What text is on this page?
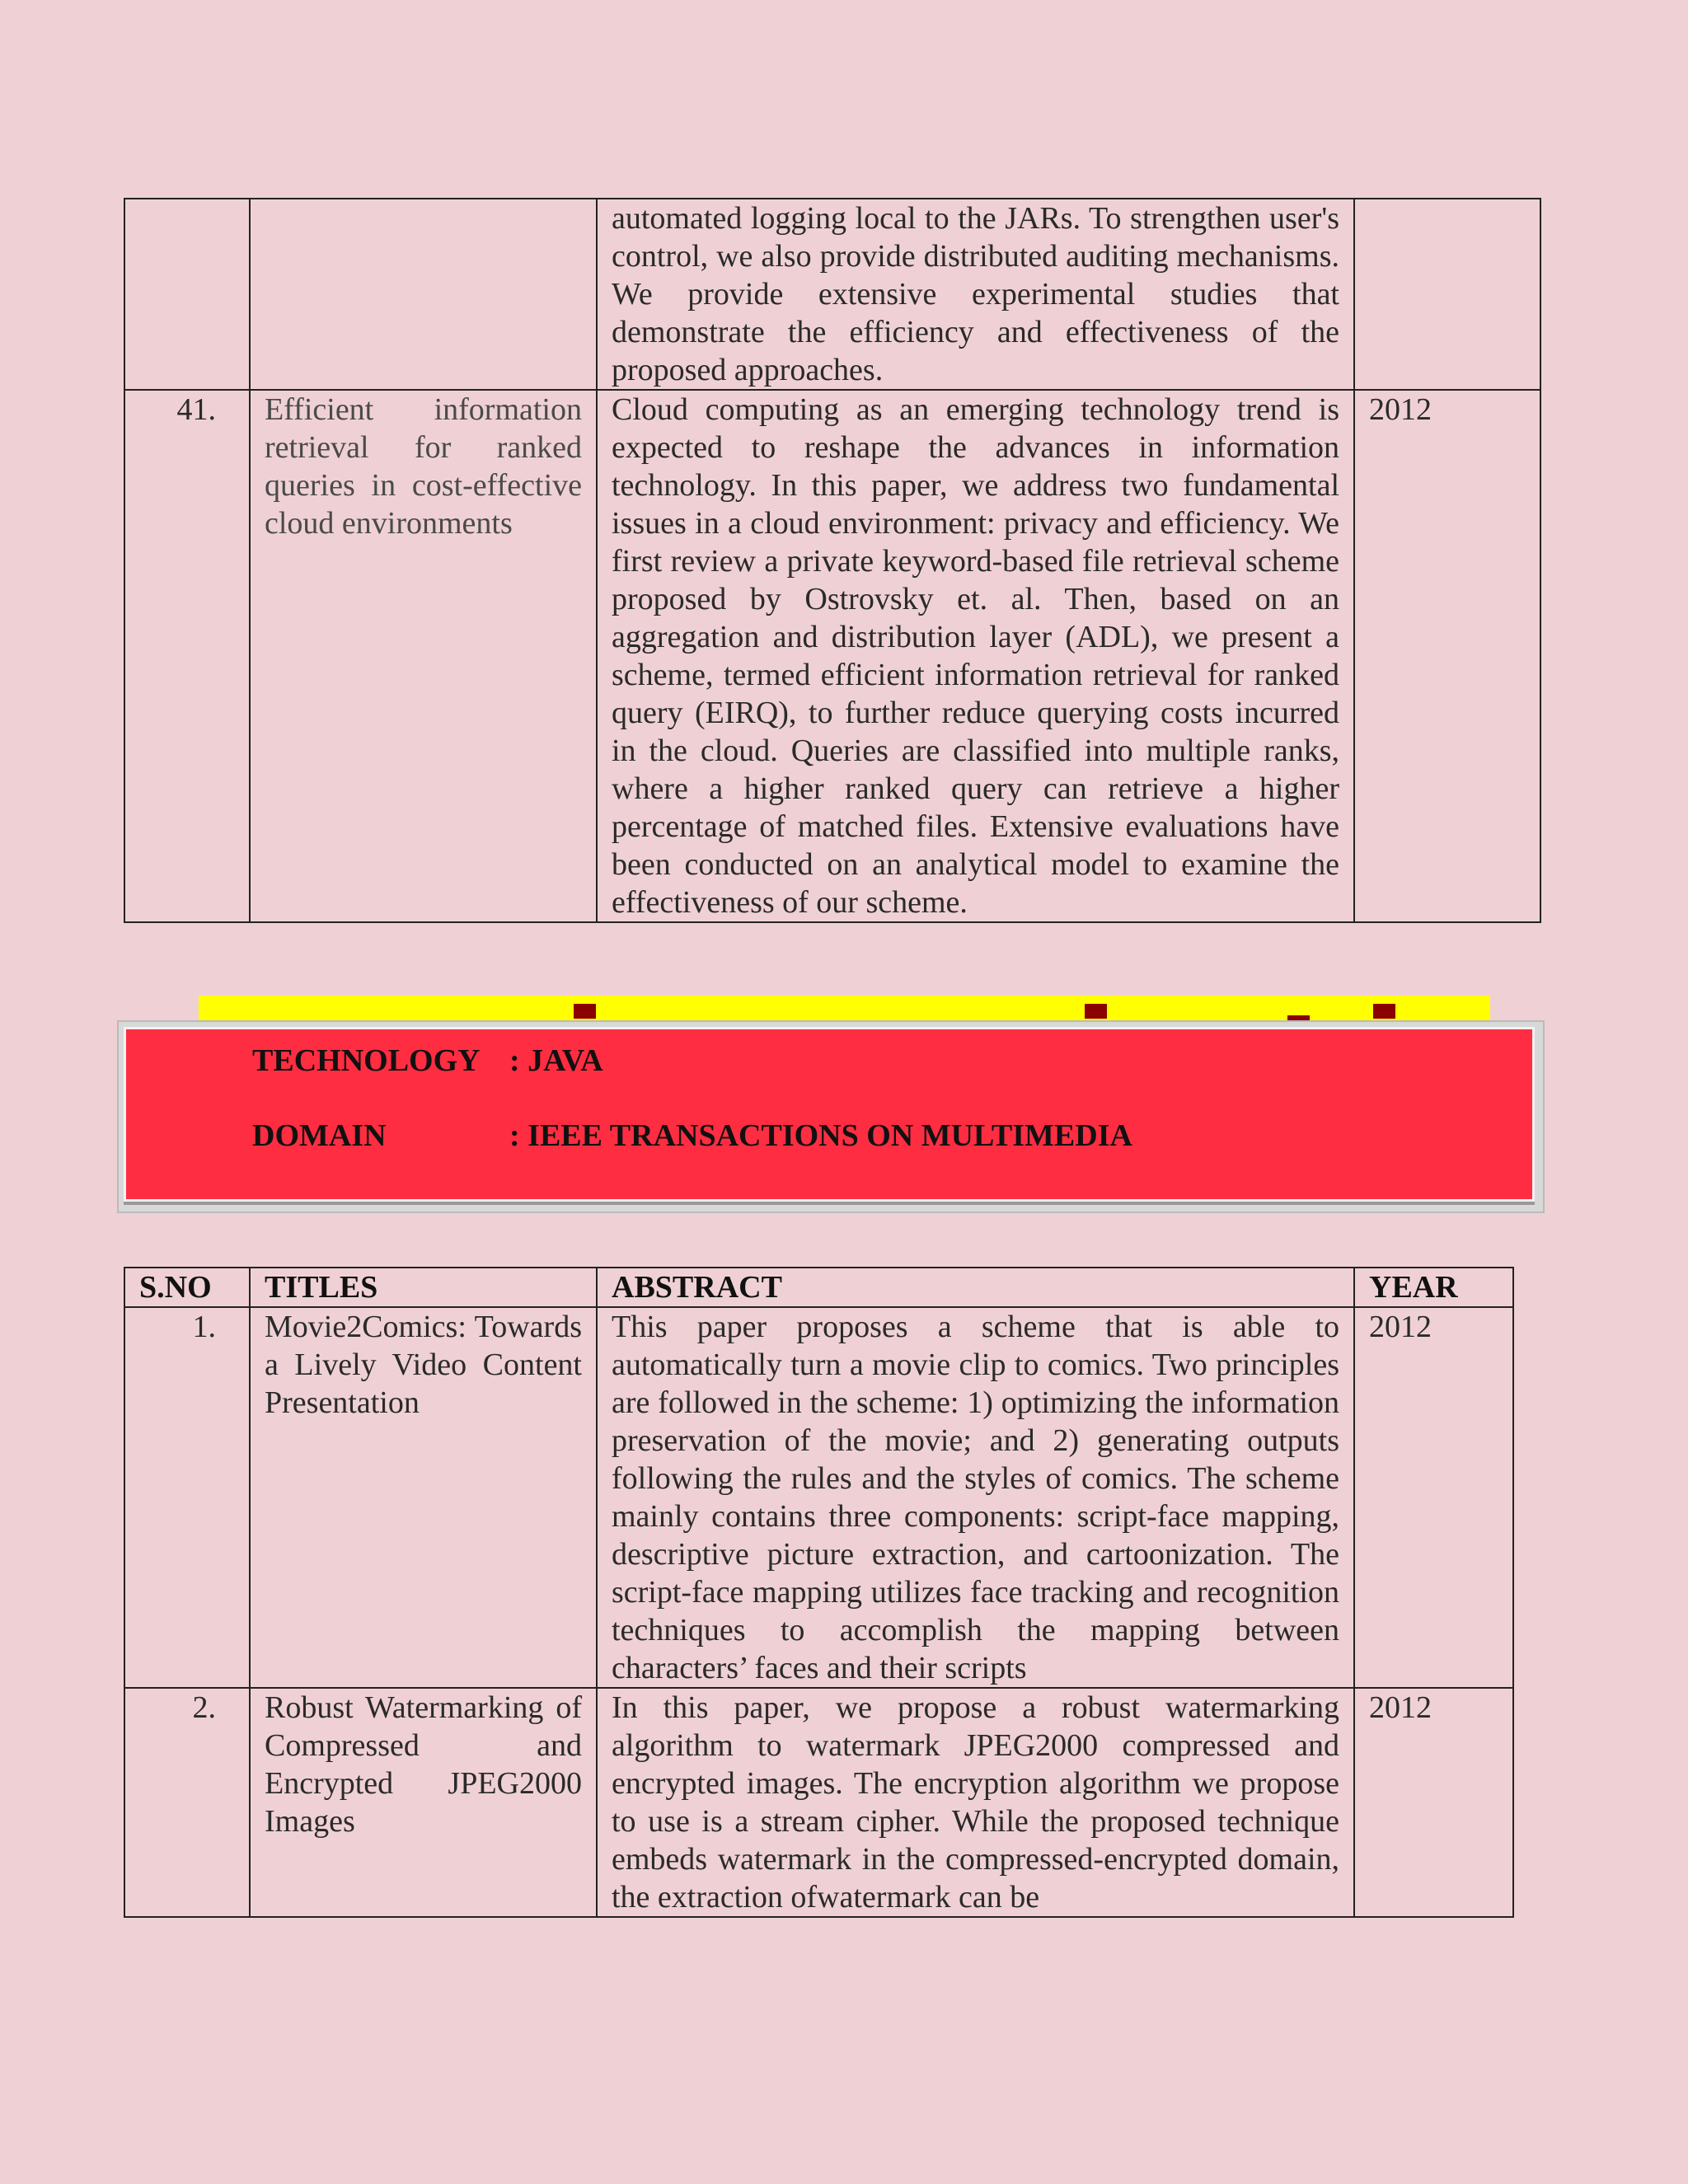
		automated logging local to the JARs. To strengthen user's control, we also provide distributed auditing mechanisms. We provide extensive experimental studies that demonstrate the efficiency and effectiveness of the proposed approaches.	
41.	Efficient information retrieval for ranked queries in cost-effective cloud environments	Cloud computing as an emerging technology trend is expected to reshape the advances in information technology. In this paper, we address two fundamental issues in a cloud environment: privacy and efficiency. We first review a private keyword-based file retrieval scheme proposed by Ostrovsky et. al. Then, based on an aggregation and distribution layer (ADL), we present a scheme, termed efficient information retrieval for ranked query (EIRQ), to further reduce querying costs incurred in the cloud. Queries are classified into multiple ranks, where a higher ranked query can retrieve a higher percentage of matched files. Extensive evaluations have been conducted on an analytical model to examine the effectiveness of our scheme.	2012
TECHNOLOGY : JAVA
DOMAIN	: IEEE TRANSACTIONS ON MULTIMEDIA
S.NO	TITLES	ABSTRACT	YEAR
1.	Movie2Comics: Towards a Lively Video Content Presentation	This paper proposes a scheme that is able to automatically turn a movie clip to comics. Two principles are followed in the scheme: 1) optimizing the information preservation of the movie; and 2) generating outputs following the rules and the styles of comics. The scheme mainly contains three components: script-face mapping, descriptive picture extraction, and cartoonization. The script-face mapping utilizes face tracking and recognition techniques to accomplish the mapping between characters’ faces and their scripts	2012
2.	Robust Watermarking of Compressed and Encrypted JPEG2000 Images	In this paper, we propose a robust watermarking algorithm to watermark JPEG2000 compressed and encrypted images. The encryption algorithm we propose to use is a stream cipher. While the proposed technique embeds watermark in the compressed-encrypted domain, the extraction ofwatermark can be	2012
